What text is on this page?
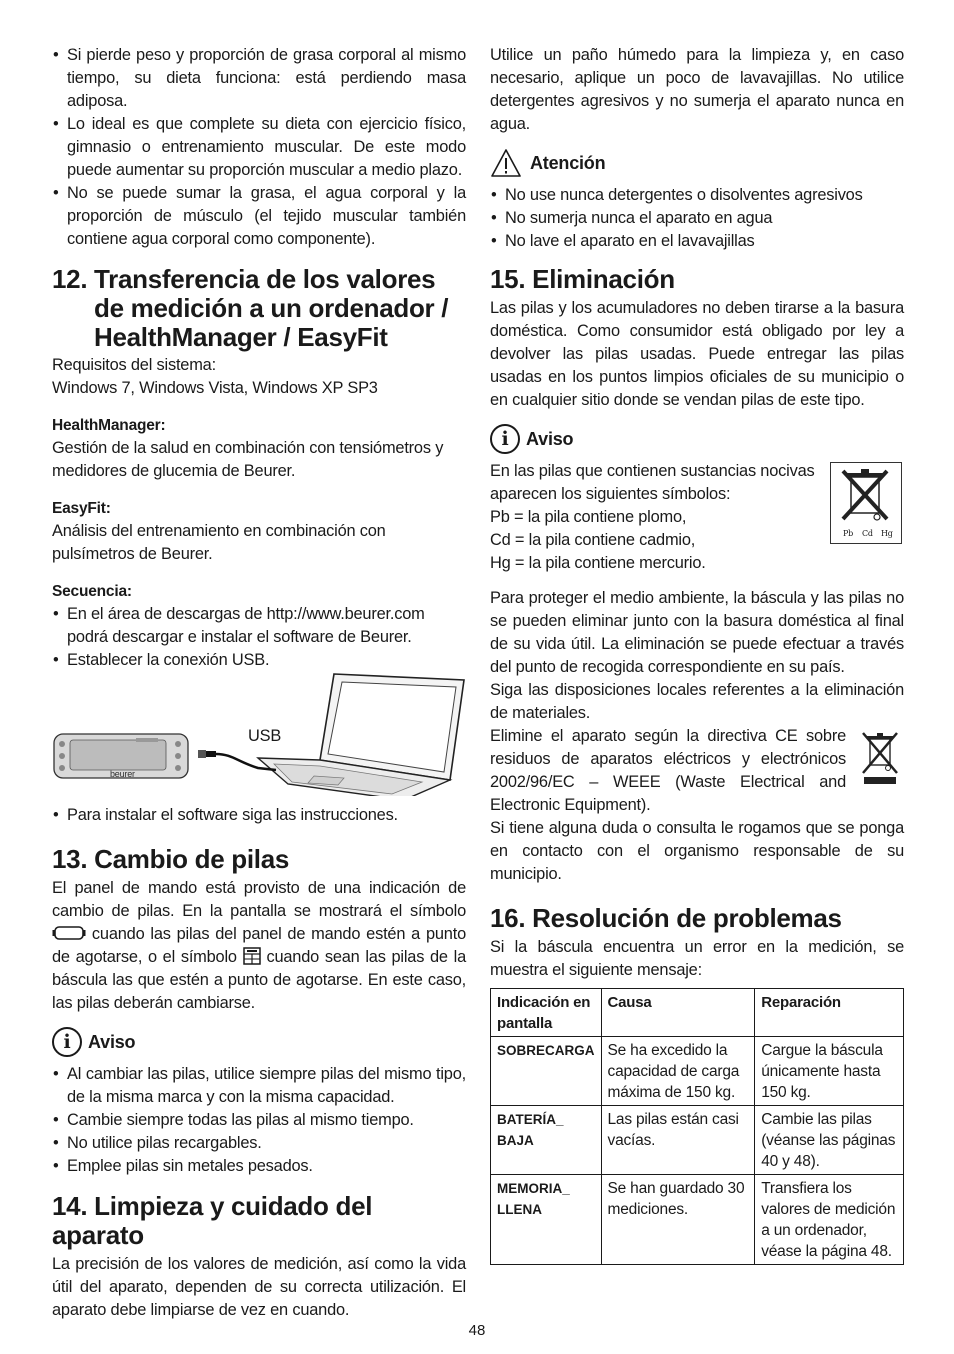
• Si pierde peso y proporción de grasa corporal al mismo tiempo, su dieta funciona: está perdiendo masa adiposa.
• Lo ideal es que complete su dieta con ejercicio físico, gimnasio o entrenamiento muscular. De este modo puede aumentar su proporción muscular a medio plazo.
• No se puede sumar la grasa, el agua corporal y la proporción de músculo (el tejido muscular también contiene agua corporal como componente).
12. Transferencia de los valores de medición a un ordenador / HealthManager / EasyFit

Requisitos del sistema:

Windows 7, Windows Vista, Windows XP SP3

HealthManager:

Gestión de la salud en combinación con tensiómetros y medidores de glucemia de Beurer.

EasyFit:

Análisis del entrenamiento en combinación con pulsímetros de Beurer.

Secuencia:

• En el área de descargas de http://www.beurer.com podrá descargar e instalar el software de Beurer.
• Establecer la conexión USB.
USB
beurer
• Para instalar el software siga las instrucciones.
13. Cambio de pilas

El panel de mando está provisto de una indicación de cambio de pilas. En la pantalla se mostrará el símbolo  cuando las pilas del panel de mando estén a punto de agotarse, o el símbolo cuando sean las pilas de la báscula las que estén a punto de agotarse. En este caso, las pilas deberán cambiarse.

i Aviso
• Al cambiar las pilas, utilice siempre pilas del mismo tipo, de la misma marca y con la misma capacidad.
• Cambie siempre todas las pilas al mismo tiempo.
• No utilice pilas recargables.
• Emplee pilas sin metales pesados.
14. Limpieza y cuidado del aparato

La precisión de los valores de medición, así como la vida útil del aparato, dependen de su correcta utilización. El aparato debe limpiarse de vez en cuando.

Utilice un paño húmedo para la limpieza y, en caso necesario, aplique un poco de lavavajillas. No utilice detergentes agresivos y no sumerja el aparato nunca en agua.

Atención
• No use nunca detergentes o disolventes agresivos
• No sumerja nunca el aparato en agua
• No lave el aparato en el lavavajillas
15. Eliminación

Las pilas y los acumuladores no deben tirarse a la basura doméstica. Como consumidor está obligado por ley a devolver las pilas usadas. Puede entregar las pilas usadas en los puntos limpios oficiales de su municipio o en cualquier sitio donde se vendan pilas de este tipo.

i Aviso

En las pilas que contienen sustancias nocivas aparecen los siguientes símbolos:

Pb = la pila contiene plomo,

Cd = la pila contiene cadmio,

Hg = la pila contiene mercurio.

Pb Cd Hg

Para proteger el medio ambiente, la báscula y las pilas no se pueden eliminar junto con la basura doméstica al final de su vida útil. La eliminación se puede efectuar a través del punto de recogida correspondiente en su país.

Siga las disposiciones locales referentes a la eliminación de materiales.

Elimine el aparato según la directiva CE sobre residuos de aparatos eléctricos y electrónicos 2002/96/EC – WEEE (Waste Electrical and Electronic Equipment).

Si tiene alguna duda o consulta le rogamos que se ponga en contacto con el organismo responsable de su municipio.

16. Resolución de problemas

Si la báscula encuentra un error en la medición, se muestra el siguiente mensaje:

Indicación en pantalla	Causa	Reparación
SOBRECARGA	Se ha excedido la capacidad de carga máxima de 150 kg.	Cargue la báscula únicamente hasta 150 kg.
BATERÍA_ BAJA	Las pilas están casi vacías.	Cambie las pilas (véanse las páginas 40 y 48).
MEMORIA_ LLENA	Se han guardado 30 mediciones.	Transfiera los valores de medición a un ordenador, véase la página 48.
48
